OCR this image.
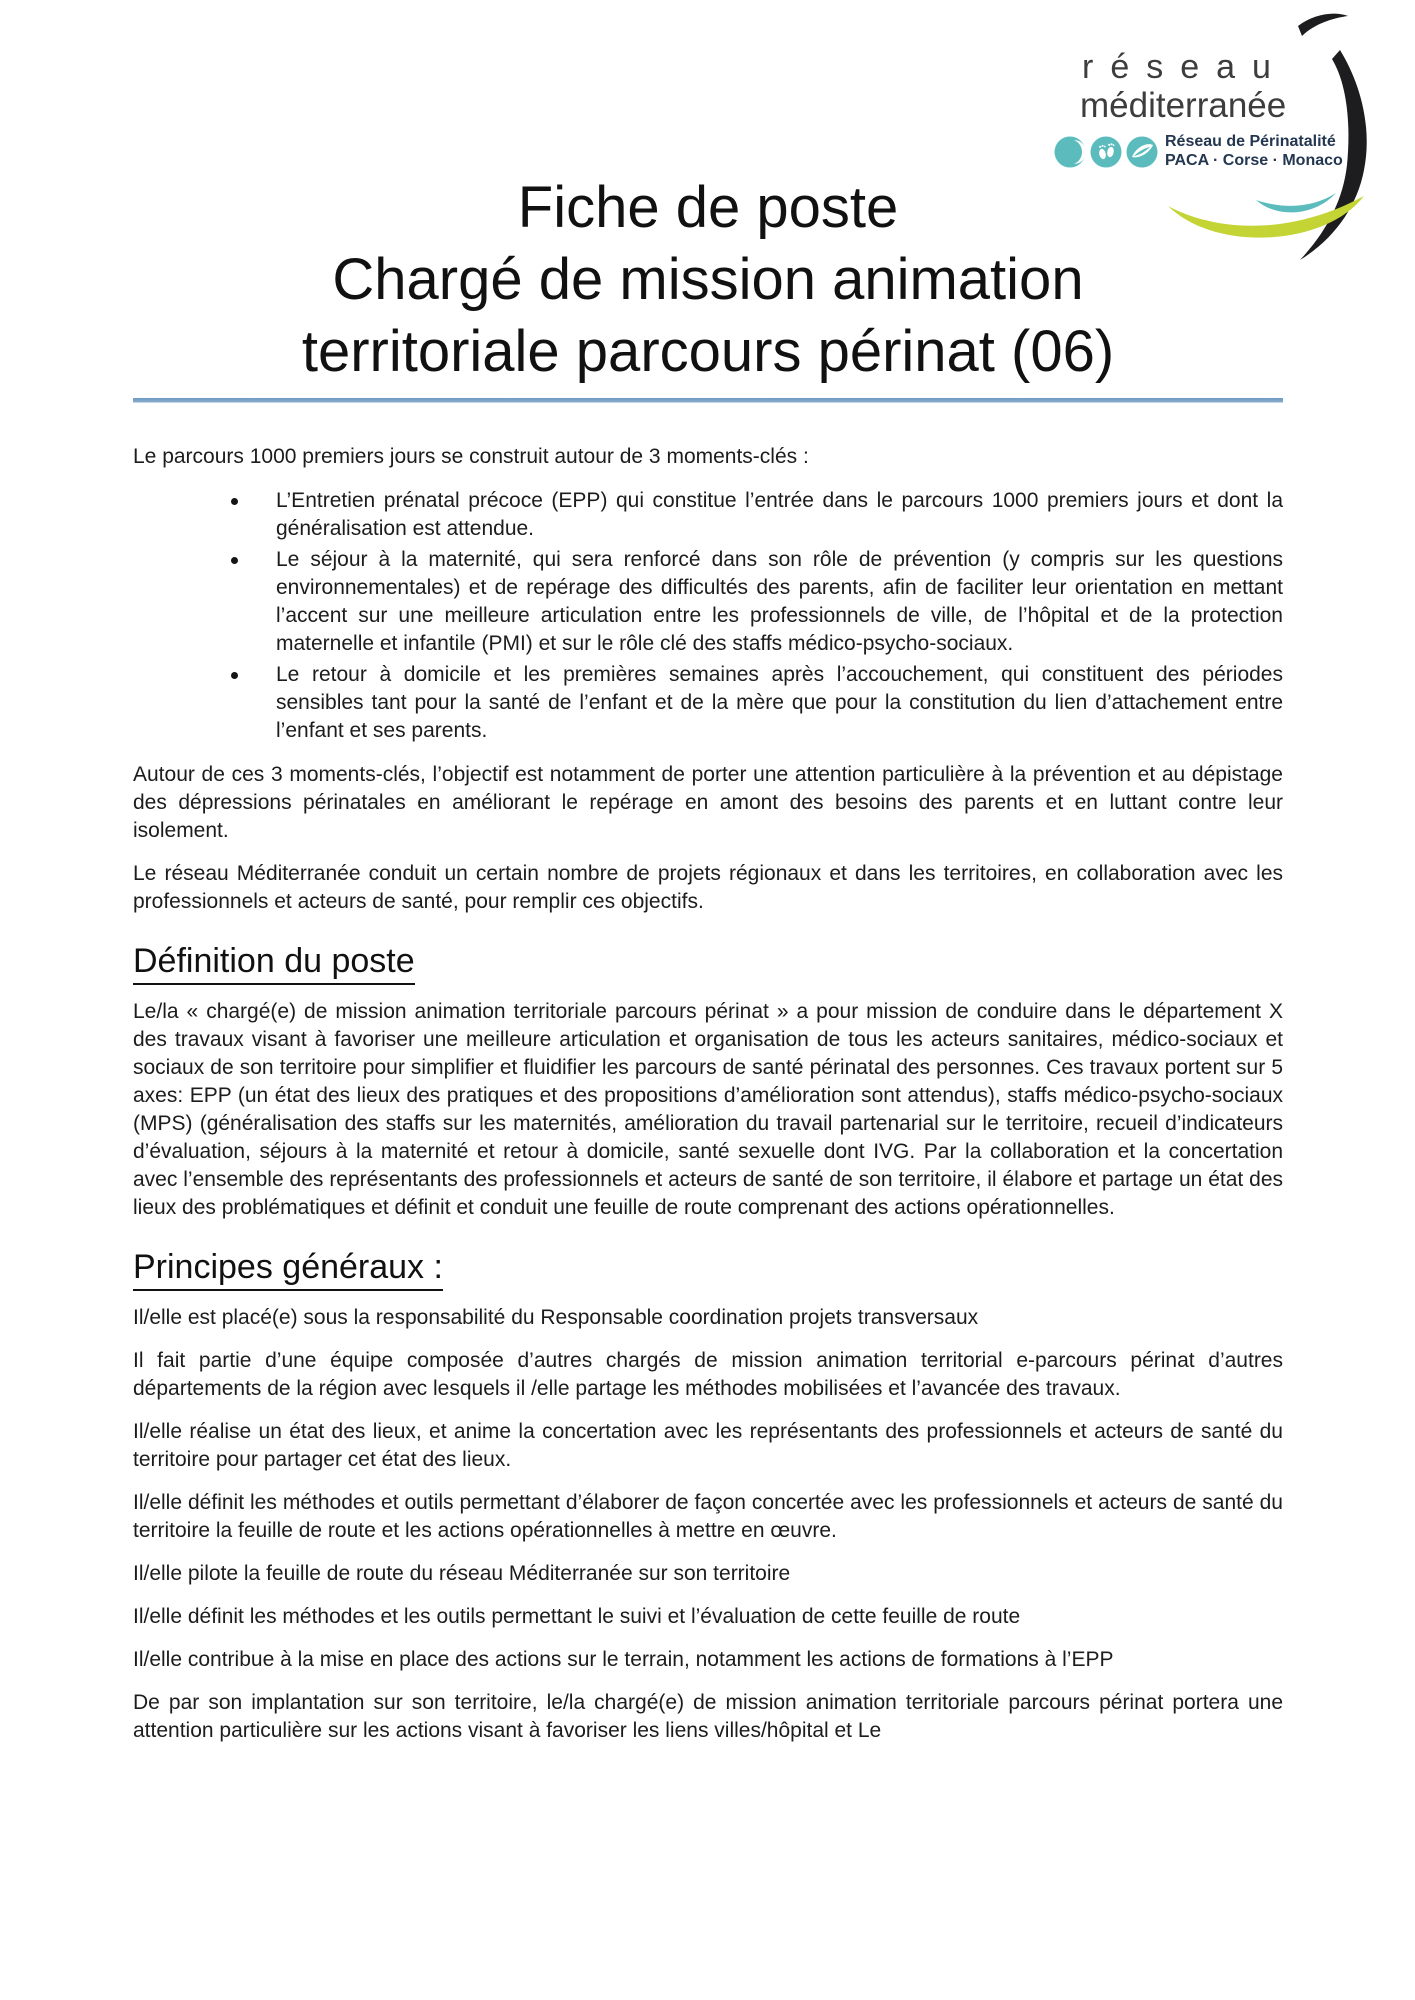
réseau
méditerranée
Réseau de Périnatalité
PACA · Corse · Monaco
Fiche de poste
Chargé de mission animation
territoriale parcours périnat (06)

Le parcours 1000 premiers jours se construit autour de 3 moments-clés :

L’Entretien prénatal précoce (EPP) qui constitue l’entrée dans le parcours 1000 premiers jours et dont la généralisation est attendue.
Le séjour à la maternité, qui sera renforcé dans son rôle de prévention (y compris sur les questions environnementales) et de repérage des difficultés des parents, afin de faciliter leur orientation en mettant l’accent sur une meilleure articulation entre les professionnels de ville, de l’hôpital et de la protection maternelle et infantile (PMI) et sur le rôle clé des staffs médico-psycho-sociaux.
Le retour à domicile et les premières semaines après l’accouchement, qui constituent des périodes sensibles tant pour la santé de l’enfant et de la mère que pour la constitution du lien d’attachement entre l’enfant et ses parents.

Autour de ces 3 moments-clés, l’objectif est notamment de porter une attention particulière à la prévention et au dépistage des dépressions périnatales en améliorant le repérage en amont des besoins des parents et en luttant contre leur isolement.

Le réseau Méditerranée conduit un certain nombre de projets régionaux et dans les territoires, en collaboration avec les professionnels et acteurs de santé, pour remplir ces objectifs.

Définition du poste

Le/la « chargé(e) de mission animation territoriale parcours périnat » a pour mission de conduire dans le département X des travaux visant à favoriser une meilleure articulation et organisation de tous les acteurs sanitaires, médico-sociaux et sociaux de son territoire pour simplifier et fluidifier les parcours de santé périnatal des personnes. Ces travaux portent sur 5 axes: EPP (un état des lieux des pratiques et des propositions d’amélioration sont attendus), staffs médico-psycho-sociaux (MPS) (généralisation des staffs sur les maternités, amélioration du travail partenarial sur le territoire, recueil d’indicateurs d’évaluation, séjours à la maternité et retour à domicile, santé sexuelle dont IVG. Par la collaboration et la concertation avec l’ensemble des représentants des professionnels et acteurs de santé de son territoire, il élabore et partage un état des lieux des problématiques et définit et conduit une feuille de route comprenant des actions opérationnelles.

Principes généraux :

Il/elle est placé(e) sous la responsabilité du Responsable coordination projets transversaux

Il fait partie d’une équipe composée d’autres chargés de mission animation territorial e-parcours périnat d’autres départements de la région avec lesquels il /elle partage les méthodes mobilisées et l’avancée des travaux.

Il/elle réalise un état des lieux, et anime la concertation avec les représentants des professionnels et acteurs de santé du territoire pour partager cet état des lieux.

Il/elle définit les méthodes et outils permettant d’élaborer de façon concertée avec les professionnels et acteurs de santé du territoire la feuille de route et les actions opérationnelles à mettre en œuvre.

Il/elle pilote la feuille de route du réseau Méditerranée sur son territoire

Il/elle définit les méthodes et les outils permettant le suivi et l’évaluation de cette feuille de route

Il/elle contribue à la mise en place des actions sur le terrain, notamment les actions de formations à l’EPP

De par son implantation sur son territoire, le/la chargé(e) de mission animation territoriale parcours périnat portera une attention particulière sur les actions visant à favoriser les liens villes/hôpital et Le
